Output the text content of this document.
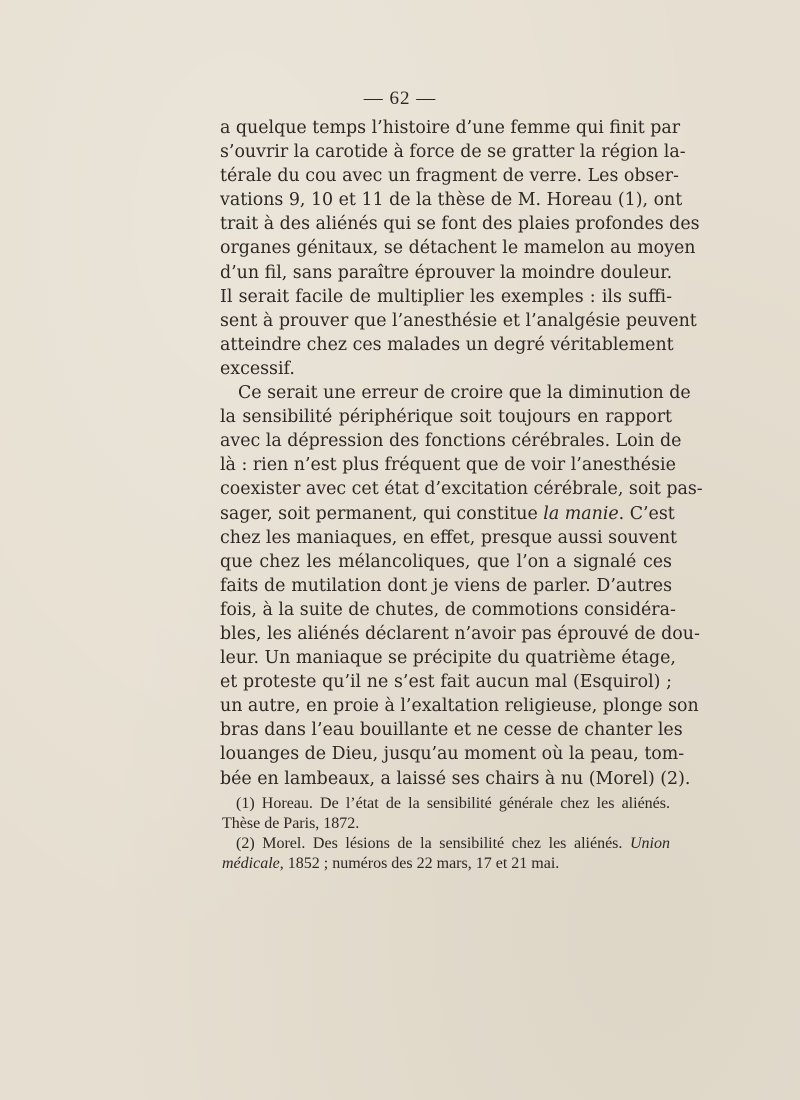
— 62 —
a quelque temps l’histoire d’une femme qui finit par
s’ouvrir la carotide à force de se gratter la région la-
térale du cou avec un fragment de verre. Les obser-
vations 9, 10 et 11 de la thèse de M. Horeau (1), ont
trait à des aliénés qui se font des plaies profondes des
organes génitaux, se détachent le mamelon au moyen
d’un fil, sans paraître éprouver la moindre douleur.
Il serait facile de multiplier les exemples : ils suffi-
sent à prouver que l’anesthésie et l’analgésie peuvent
atteindre chez ces malades un degré véritablement
excessif.
Ce serait une erreur de croire que la diminution de
la sensibilité périphérique soit toujours en rapport
avec la dépression des fonctions cérébrales. Loin de
là : rien n’est plus fréquent que de voir l’anesthésie
coexister avec cet état d’excitation cérébrale, soit pas-
sager, soit permanent, qui constitue la manie. C’est
chez les maniaques, en effet, presque aussi souvent
que chez les mélancoliques, que l’on a signalé ces
faits de mutilation dont je viens de parler. D’autres
fois, à la suite de chutes, de commotions considéra-
bles, les aliénés déclarent n’avoir pas éprouvé de dou-
leur. Un maniaque se précipite du quatrième étage,
et proteste qu’il ne s’est fait aucun mal (Esquirol) ;
un autre, en proie à l’exaltation religieuse, plonge son
bras dans l’eau bouillante et ne cesse de chanter les
louanges de Dieu, jusqu’au moment où la peau, tom-
bée en lambeaux, a laissé ses chairs à nu (Morel) (2).
(1) Horeau. De l’état de la sensibilité générale chez les aliénés.
Thèse de Paris, 1872.
(2) Morel. Des lésions de la sensibilité chez les aliénés. Union
médicale, 1852 ; numéros des 22 mars, 17 et 21 mai.
